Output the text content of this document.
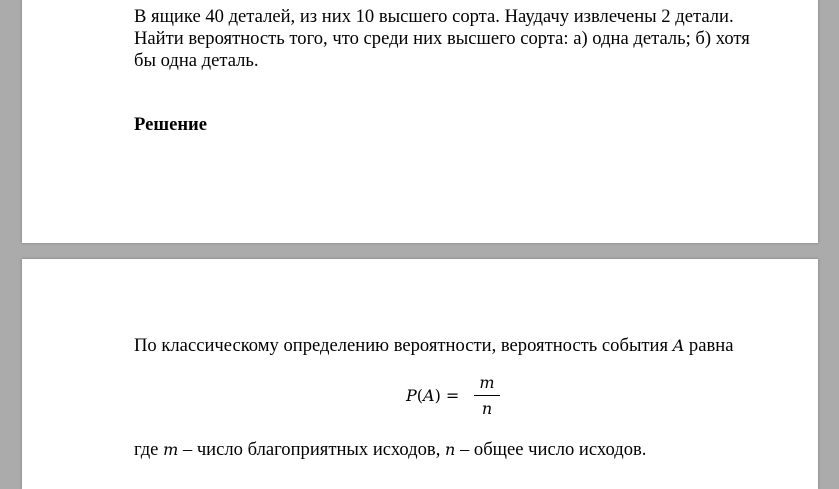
В ящике 40 деталей, из них 10 высшего сорта. Наудачу извлечены 2 детали.
Найти вероятность того, что среди них высшего сорта: а) одна деталь; б) хотя
бы одна деталь.
Решение
По классическому определению вероятности, вероятность события A равна
P(A) =
m
n
где m – число благоприятных исходов, n – общее число исходов.
